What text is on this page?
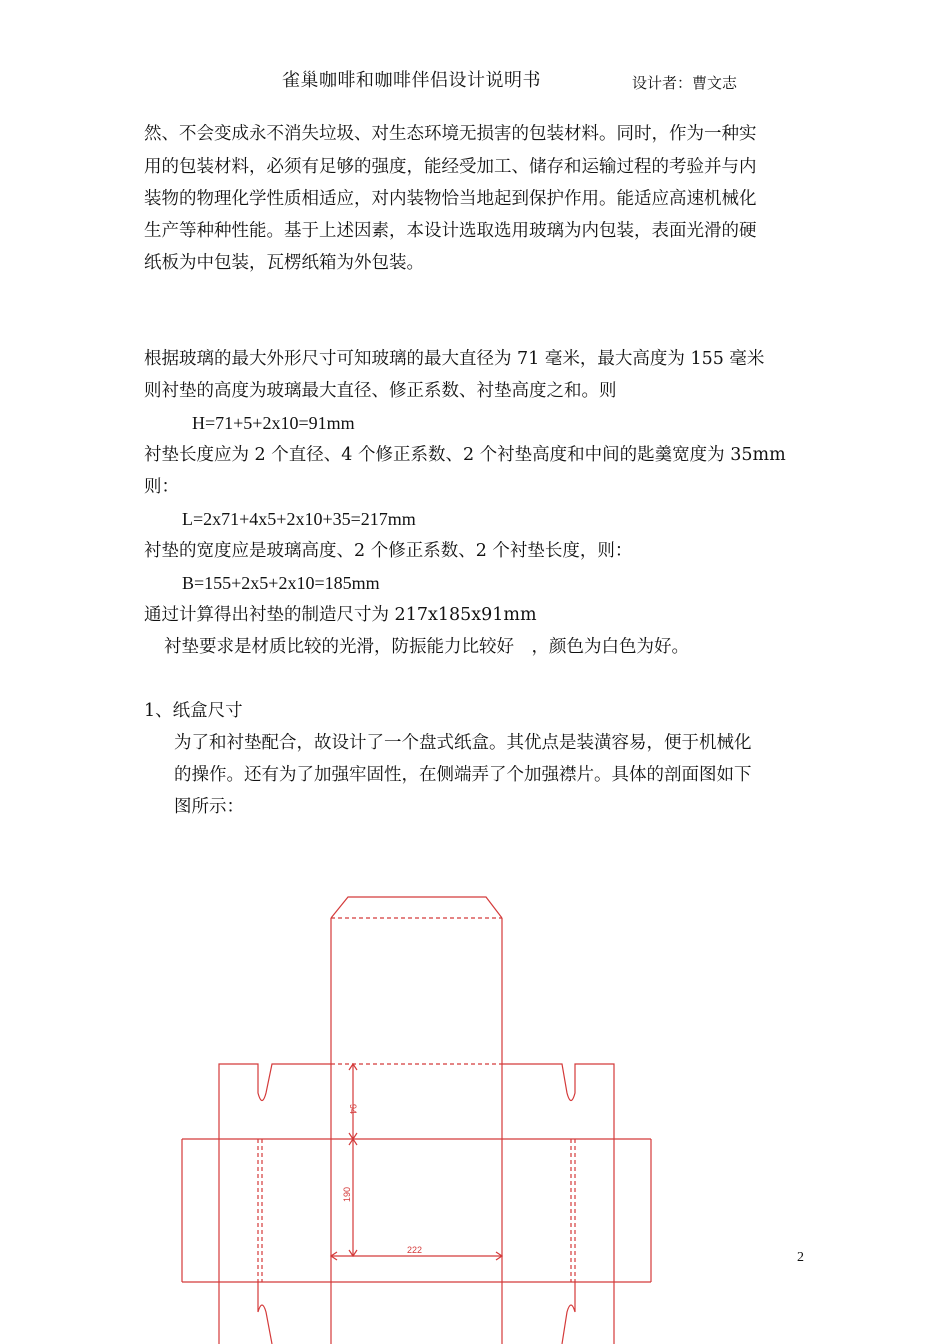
雀巢咖啡和咖啡伴侣设计说明书	设计者：曹文志
然、不会变成永不消失垃圾、对生态环境无损害的包装材料。同时，作为一种实
用的包装材料，必须有足够的强度，能经受加工、储存和运输过程的考验并与内
装物的物理化学性质相适应，对内装物恰当地起到保护作用。能适应高速机械化
生产等种种性能。基于上述因素，本设计选取选用玻璃为内包装，表面光滑的硬
纸板为中包装，瓦楞纸箱为外包装。
根据玻璃的最大外形尺寸可知玻璃的最大直径为 71 毫米，最大高度为 155 毫米
则衬垫的高度为玻璃最大直径、修正系数、衬垫高度之和。则
H=71+5+2x10=91mm
衬垫长度应为 2 个直径、4 个修正系数、2 个衬垫高度和中间的匙羹宽度为 35mm
则：
L=2x71+4x5+2x10+35=217mm
衬垫的宽度应是玻璃高度、2 个修正系数、2 个衬垫长度，则：
B=155+2x5+2x10=185mm
通过计算得出衬垫的制造尺寸为 217x185x91mm
衬垫要求是材质比较的光滑，防振能力比较好　，颜色为白色为好。
1、纸盒尺寸
为了和衬垫配合，故设计了一个盘式纸盒。其优点是装潢容易，便于机械化
的操作。还有为了加强牢固性，在侧端弄了个加强襟片。具体的剖面图如下
图所示：
94
190
222	2
